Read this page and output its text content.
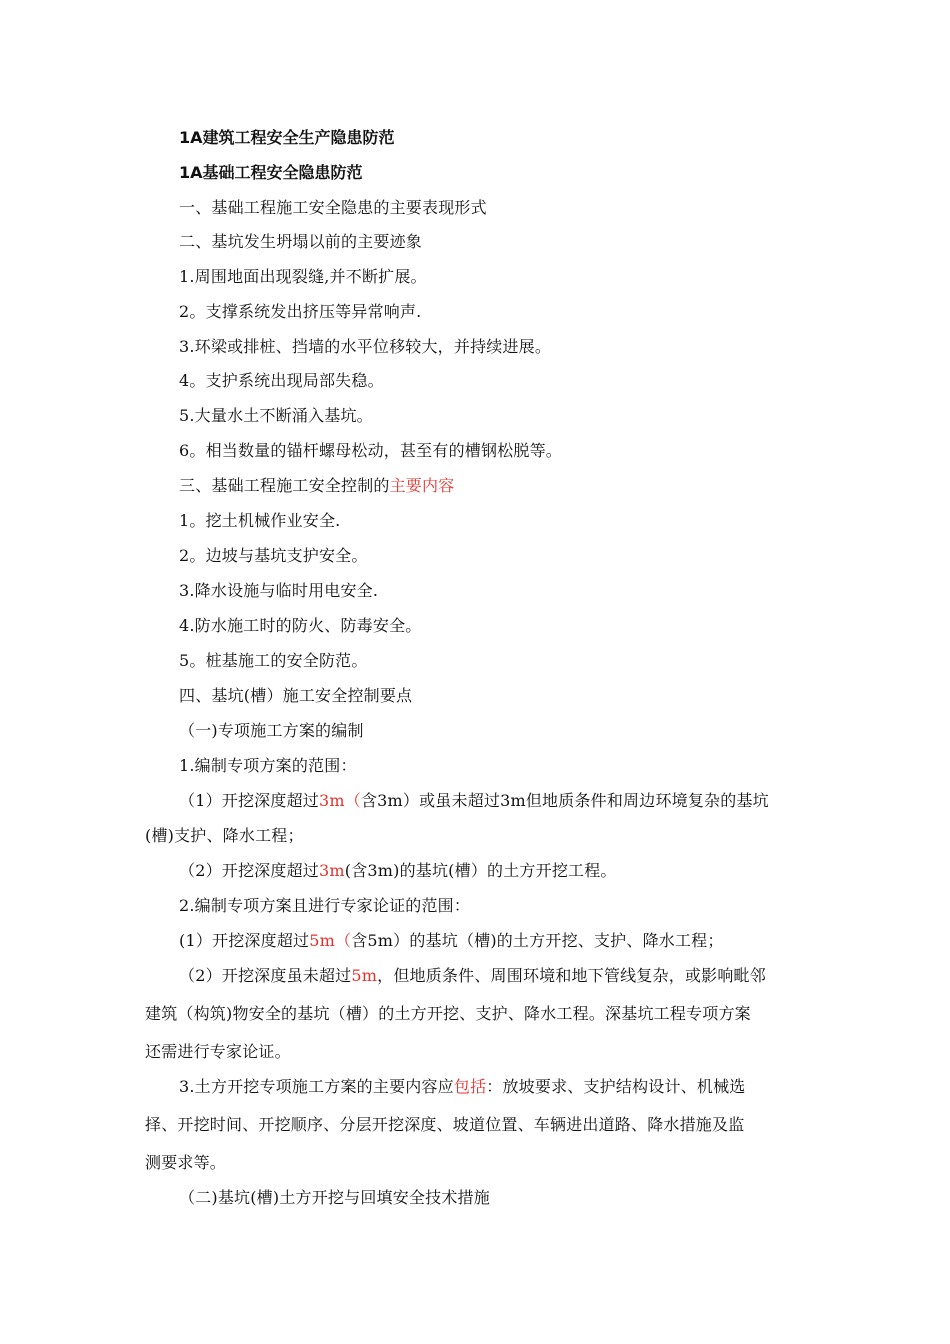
1A建筑工程安全生产隐患防范

1A基础工程安全隐患防范

一、基础工程施工安全隐患的主要表现形式

二、基坑发生坍塌以前的主要迹象

1.周围地面出现裂缝,并不断扩展。

2。支撑系统发出挤压等异常响声.

3.环梁或排桩、挡墙的水平位移较大，并持续进展。

4。支护系统出现局部失稳。

5.大量水土不断涌入基坑。

6。相当数量的锚杆螺母松动，甚至有的槽钢松脱等。

三、基础工程施工安全控制的主要内容

1。挖土机械作业安全.

2。边坡与基坑支护安全。

3.降水设施与临时用电安全.

4.防水施工时的防火、防毒安全。

5。桩基施工的安全防范。

四、基坑(槽）施工安全控制要点

（一)专项施工方案的编制

1.编制专项方案的范围：

（1）开挖深度超过3m（含3m）或虽未超过3m但地质条件和周边环境复杂的基坑

(槽)支护、降水工程；

（2）开挖深度超过3m(含3m)的基坑(槽）的土方开挖工程。

2.编制专项方案且进行专家论证的范围：

(1）开挖深度超过5m（含5m）的基坑（槽)的土方开挖、支护、降水工程；

（2）开挖深度虽未超过5m，但地质条件、周围环境和地下管线复杂，或影响毗邻

建筑（构筑)物安全的基坑（槽）的土方开挖、支护、降水工程。深基坑工程专项方案

还需进行专家论证。

3.土方开挖专项施工方案的主要内容应包括：放坡要求、支护结构设计、机械选

择、开挖时间、开挖顺序、分层开挖深度、坡道位置、车辆进出道路、降水措施及监

测要求等。

（二)基坑(槽)土方开挖与回填安全技术措施
